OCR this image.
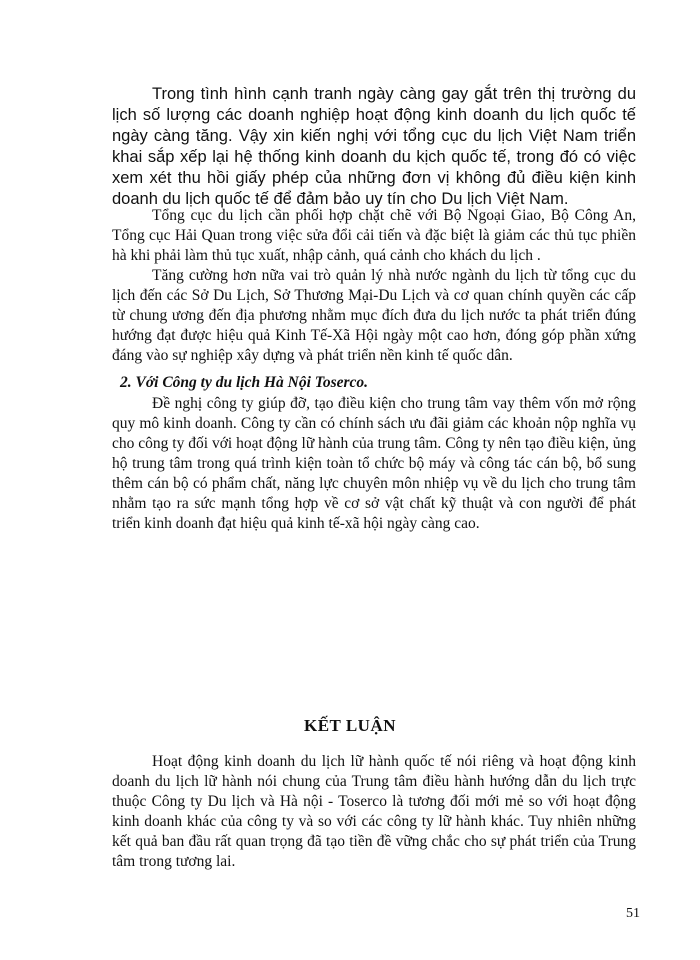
Trong tình hình cạnh tranh ngày càng gay gắt trên thị trường du lịch số lượng các doanh nghiệp hoạt động kinh doanh du lịch quốc tế ngày càng tăng. Vậy xin kiến nghị với tổng cục du lịch Việt Nam triển khai sắp xếp lại hệ thống kinh doanh du kịch quốc tế, trong đó có việc xem xét thu hồi giấy phép của những đơn vị không đủ điều kiện kinh doanh du lịch quốc tế để đảm bảo uy tín cho Du lịch Việt Nam.

Tổng cục du lịch cần phối hợp chặt chẽ với Bộ Ngoại Giao, Bộ Công An, Tổng cục Hải Quan trong việc sửa đổi cải tiến và đặc biệt là giảm các thủ tục phiền hà khi phải làm thủ tục xuất, nhập cảnh, quá cảnh cho khách du lịch .

Tăng cường hơn nữa vai trò quản lý nhà nước ngành du lịch từ tổng cục du lịch đến các Sở Du Lịch, Sở Thương Mại-Du Lịch và cơ quan chính quyền các cấp từ chung ương đến địa phương nhằm mục đích đưa du lịch nước ta phát triển đúng hướng đạt được hiệu quả Kinh Tế-Xã Hội ngày một cao hơn, đóng góp phần xứng đáng vào sự nghiệp xây dựng và phát triển nền kinh tế quốc dân.

2. Với Công ty du lịch Hà Nội Toserco.

Đề nghị công ty giúp đỡ, tạo điều kiện cho trung tâm vay thêm vốn mở rộng quy mô kinh doanh. Công ty cần có chính sách ưu đãi giảm các khoản nộp nghĩa vụ cho công ty đối với hoạt động lữ hành của trung tâm. Công ty nên tạo điều kiện, ủng hộ trung tâm trong quá trình kiện toàn tổ chức bộ máy và công tác cán bộ, bổ sung thêm cán bộ có phẩm chất, năng lực chuyên môn nhiệp vụ về du lịch cho trung tâm nhằm tạo ra sức mạnh tổng hợp về cơ sở vật chất kỹ thuật và con người để phát triển kinh doanh đạt hiệu quả kinh tế-xã hội ngày càng cao.

KẾT LUẬN

Hoạt động kinh doanh du lịch lữ hành quốc tế nói riêng và hoạt động kinh doanh du lịch lữ hành nói chung của Trung tâm điều hành hướng dẫn du lịch trực thuộc Công ty Du lịch và Hà nội - Toserco là tương đối mới mẻ so với hoạt động kinh doanh khác của công ty và so với các công ty lữ hành khác. Tuy nhiên những kết quả ban đầu rất quan trọng đã tạo tiền đề vững chắc cho sự phát triển của Trung tâm trong tương lai.

51
